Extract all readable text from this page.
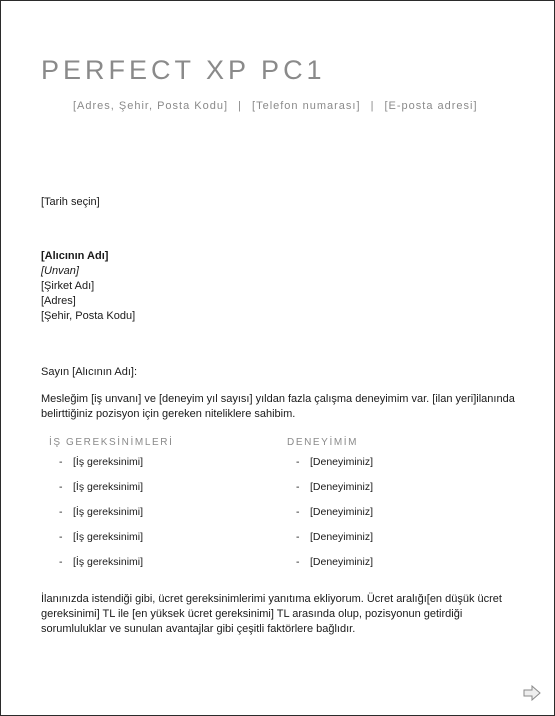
PERFECT XP PC1
[Adres, Şehir, Posta Kodu] | [Telefon numarası] | [E-posta adresi]
[Tarih seçin]
[Alıcının Adı]
[Unvan]
[Şirket Adı]
[Adres]
[Şehir, Posta Kodu]
Sayın [Alıcının Adı]:
Mesleğim [iş unvanı] ve [deneyim yıl sayısı] yıldan fazla çalışma deneyimim var. [ilan yeri]ilanında belirttiğiniz pozisyon için gereken niteliklere sahibim.
İŞ GEREKSİNİMLERİ	DENEYİMİM
- [İş gereksinimi]
- [İş gereksinimi]
- [İş gereksinimi]
- [İş gereksinimi]
- [İş gereksinimi]
- [Deneyiminiz]
- [Deneyiminiz]
- [Deneyiminiz]
- [Deneyiminiz]
- [Deneyiminiz]
İlanınızda istendiği gibi, ücret gereksinimlerimi yanıtıma ekliyorum. Ücret aralığı[en düşük ücret gereksinimi] TL ile [en yüksek ücret gereksinimi] TL arasında olup, pozisyonun getirdiği sorumluluklar ve sunulan avantajlar gibi çeşitli faktörlere bağlıdır.
